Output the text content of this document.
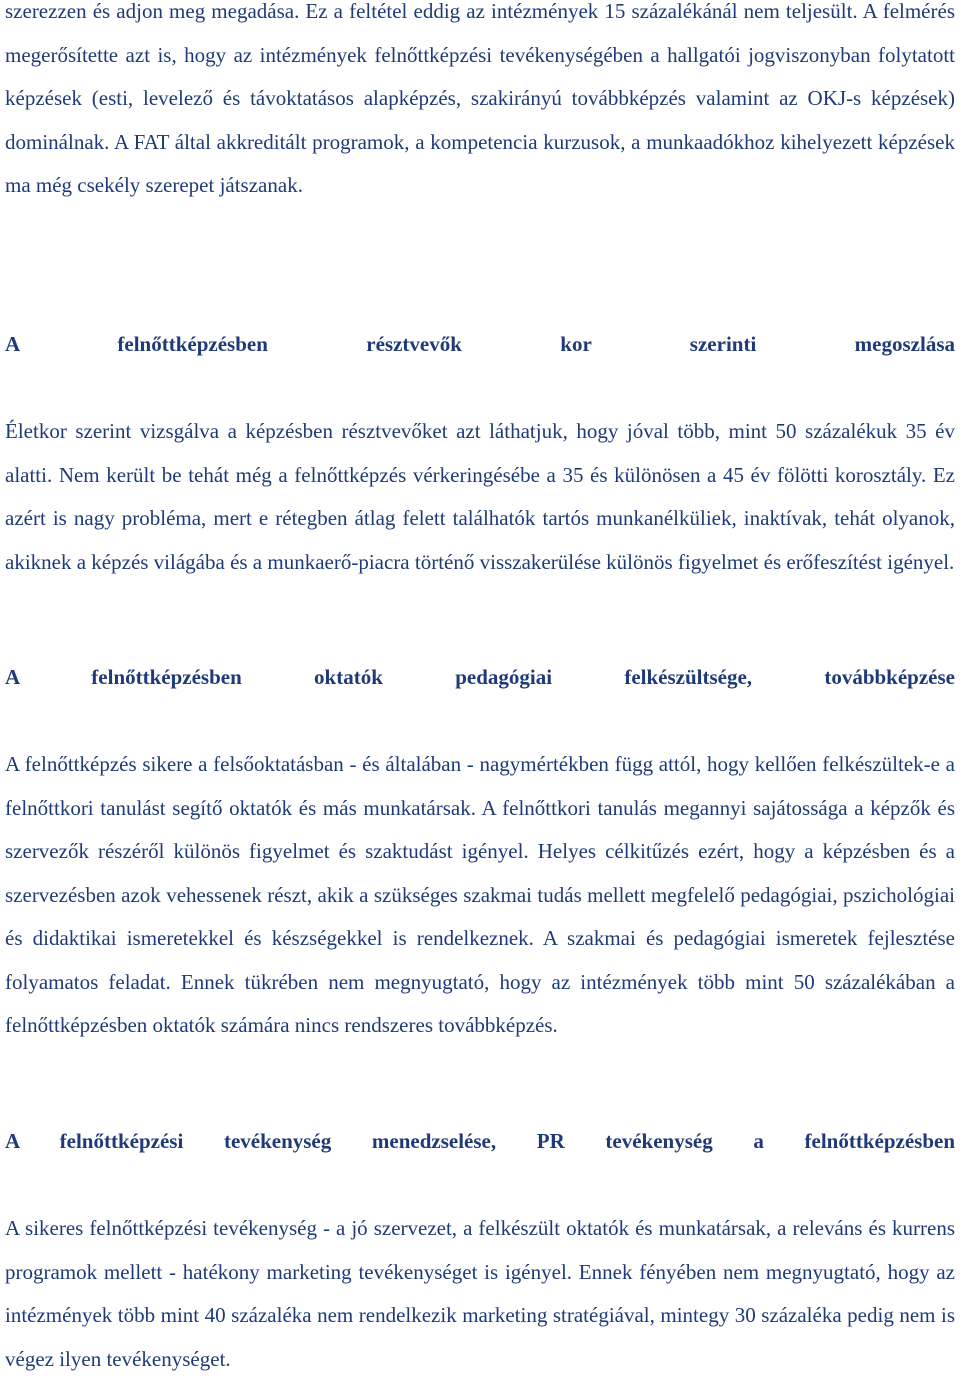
szerezzen és adjon meg megadása. Ez a feltétel eddig az intézmények 15 százalékánál nem teljesült. A felmérés megerősítette azt is, hogy az intézmények felnőttképzési tevékenységében a hallgatói jogviszonyban folytatott képzések (esti, levelező és távoktatásos alapképzés, szakirányú továbbképzés valamint az OKJ-s képzések) dominálnak. A FAT által akkreditált programok, a kompetencia kurzusok, a munkaadókhoz kihelyezett képzések ma még csekély szerepet játszanak.

A felnőttképzésben résztvevők kor szerinti megoszlása

Életkor szerint vizsgálva a képzésben résztvevőket azt láthatjuk, hogy jóval több, mint 50 százalékuk 35 év alatti. Nem került be tehát még a felnőttképzés vérkeringésébe a 35 és különösen a 45 év fölötti korosztály. Ez azért is nagy probléma, mert e rétegben átlag felett találhatók tartós munkanélküliek, inaktívak, tehát olyanok, akiknek a képzés világába és a munkaerő-piacra történő visszakerülése különös figyelmet és erőfeszítést igényel.

A felnőttképzésben oktatók pedagógiai felkészültsége, továbbképzése

A felnőttképzés sikere a felsőoktatásban - és általában - nagymértékben függ attól, hogy kellően felkészültek-e a felnőttkori tanulást segítő oktatók és más munkatársak. A felnőttkori tanulás megannyi sajátossága a képzők és szervezők részéről különös figyelmet és szaktudást igényel. Helyes célkitűzés ezért, hogy a képzésben és a szervezésben azok vehessenek részt, akik a szükséges szakmai tudás mellett megfelelő pedagógiai, pszichológiai és didaktikai ismeretekkel és készségekkel is rendelkeznek. A szakmai és pedagógiai ismeretek fejlesztése folyamatos feladat. Ennek tükrében nem megnyugtató, hogy az intézmények több mint 50 százalékában a felnőttképzésben oktatók számára nincs rendszeres továbbképzés.

A felnőttképzési tevékenység menedzselése, PR tevékenység a felnőttképzésben

A sikeres felnőttképzési tevékenység - a jó szervezet, a felkészült oktatók és munkatársak, a releváns és kurrens programok mellett - hatékony marketing tevékenységet is igényel. Ennek fényében nem megnyugtató, hogy az intézmények több mint 40 százaléka nem rendelkezik marketing stratégiával, mintegy 30 százaléka pedig nem is végez ilyen tevékenységet.
